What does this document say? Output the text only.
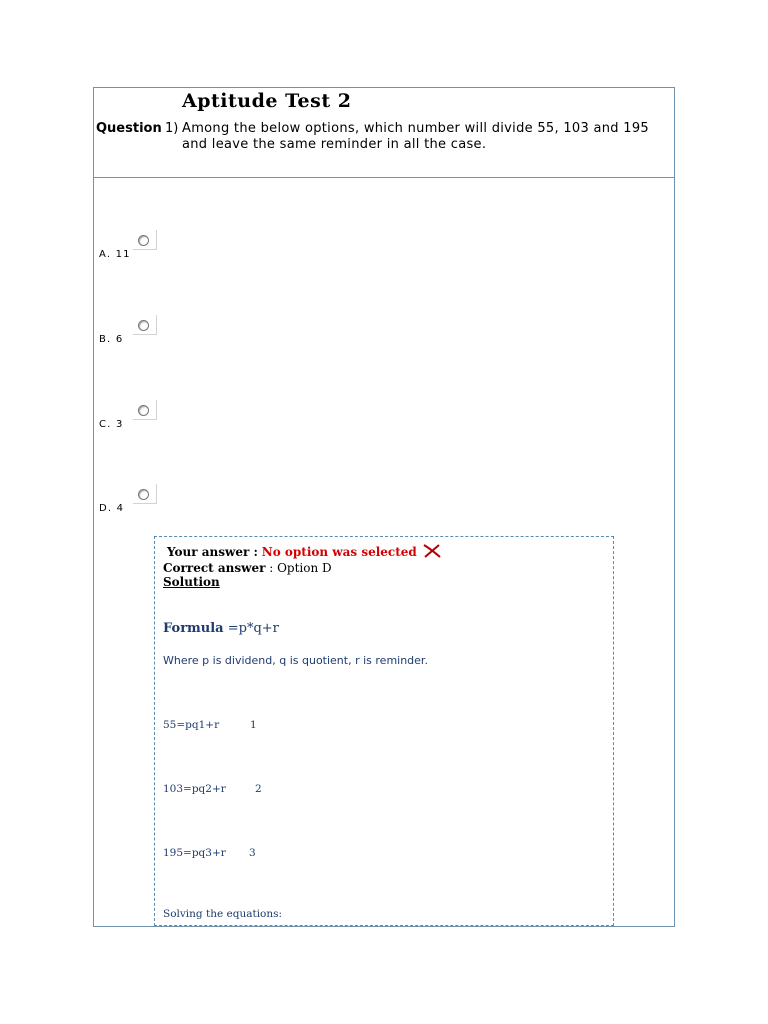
Aptitude Test 2
Question 1) Among the below options, which number will divide 55, 103 and 195 and leave the same reminder in all the case.
A. 11
B. 6
C. 3
D. 4
Your answer : No option was selected
Correct answer : Option D
Solution
Formula =p*q+r
Where p is dividend, q is quotient, r is reminder.
55=pq1+r	1
103=pq2+r	2
195=pq3+r 3
Solving the equations:
